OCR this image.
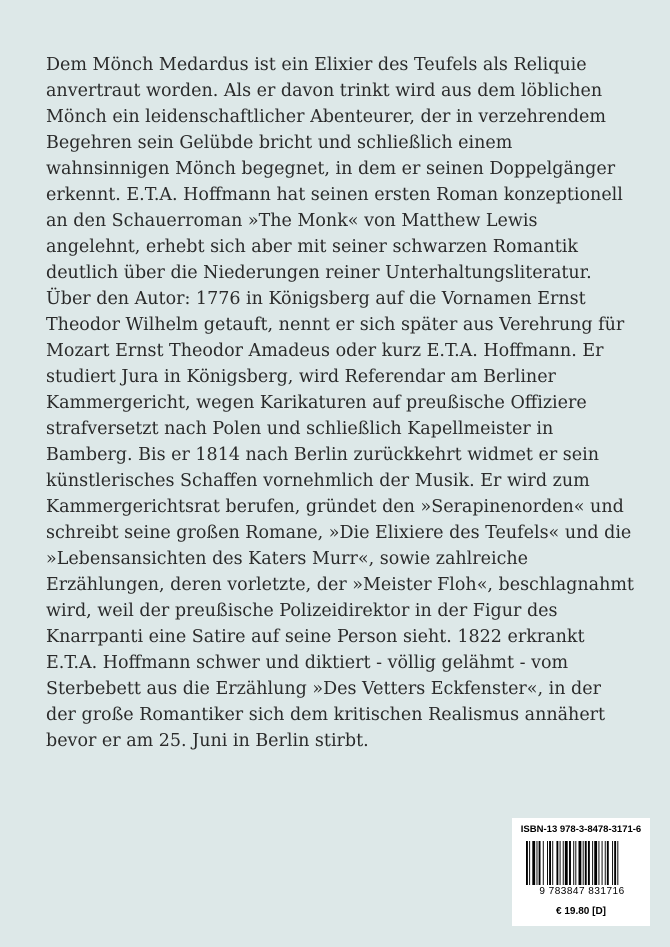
Dem Mönch Medardus ist ein Elixier des Teufels als Reliquie anvertraut worden. Als er davon trinkt wird aus dem löblichen Mönch ein leidenschaftlicher Abenteurer, der in verzehrendem Begehren sein Gelübde bricht und schließlich einem wahnsinnigen Mönch begegnet, in dem er seinen Doppelgänger erkennt. E.T.A. Hoffmann hat seinen ersten Roman konzeptionell an den Schauerroman »The Monk« von Matthew Lewis angelehnt, erhebt sich aber mit seiner schwarzen Romantik deutlich über die Niederungen reiner Unterhaltungsliteratur.

Über den Autor: 1776 in Königsberg auf die Vornamen Ernst Theodor Wilhelm getauft, nennt er sich später aus Verehrung für Mozart Ernst Theodor Amadeus oder kurz E.T.A. Hoffmann. Er studiert Jura in Königsberg, wird Referendar am Berliner Kammergericht, wegen Karikaturen auf preußische Offiziere strafversetzt nach Polen und schließlich Kapellmeister in Bamberg. Bis er 1814 nach Berlin zurückkehrt widmet er sein künstlerisches Schaffen vornehmlich der Musik. Er wird zum Kammergerichtsrat berufen, gründet den »Serapinenorden« und schreibt seine großen Romane, »Die Elixiere des Teufels« und die »Lebensansichten des Katers Murr«, sowie zahlreiche Erzählungen, deren vorletzte, der »Meister Floh«, beschlagnahmt wird, weil der preußische Polizeidirektor in der Figur des Knarrpanti eine Satire auf seine Person sieht. 1822 erkrankt E.T.A. Hoffmann schwer und diktiert - völlig gelähmt - vom Sterbebett aus die Erzählung »Des Vetters Eckfenster«, in der der große Romantiker sich dem kritischen Realismus annähert bevor er am 25. Juni in Berlin stirbt.

ISBN-13 978-3-8478-3171-6
9 783847 831716
€ 19.80 [D]
